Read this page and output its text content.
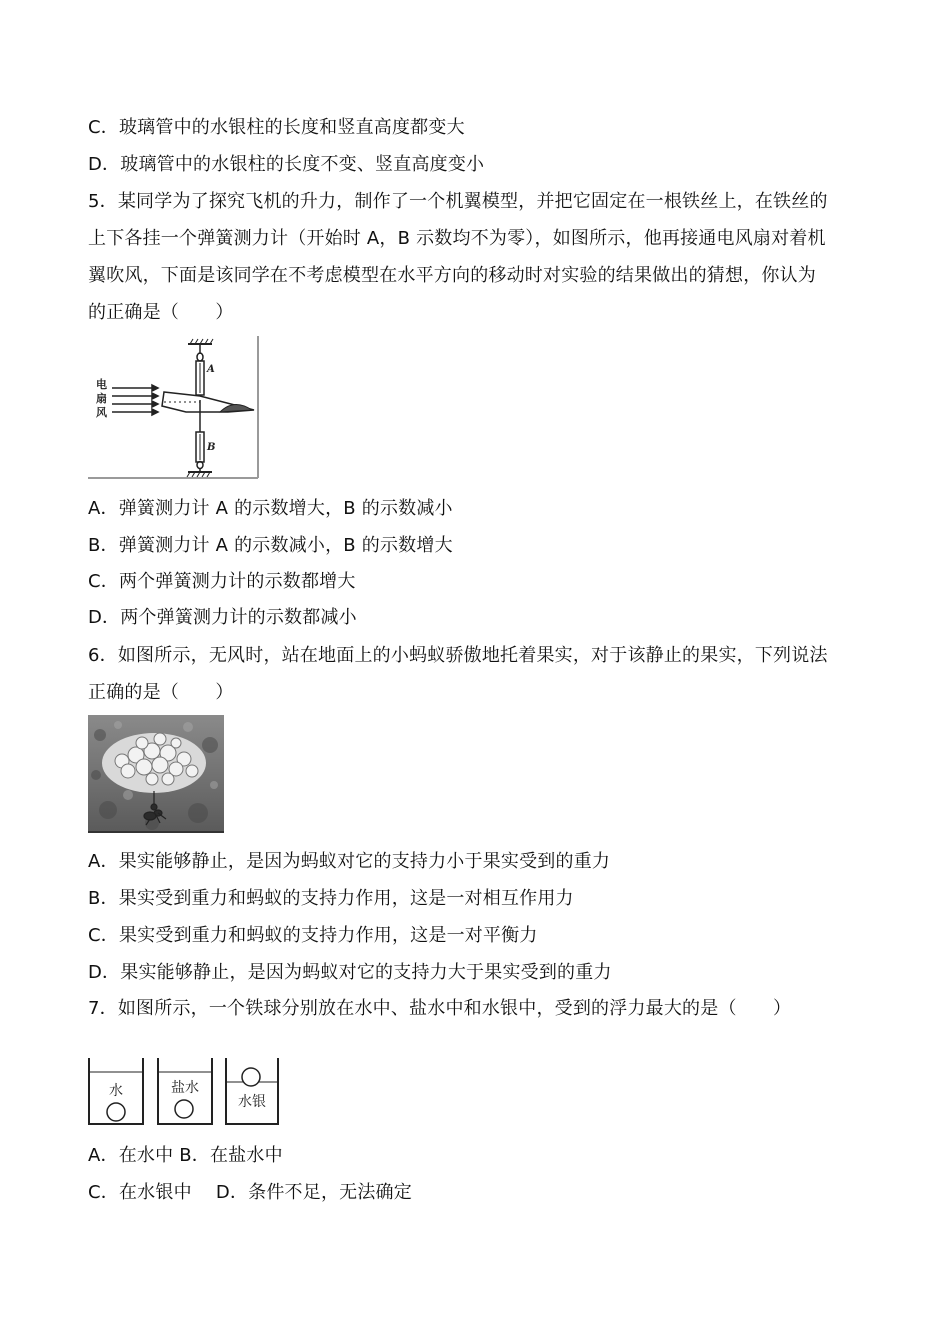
C．玻璃管中的水银柱的长度和竖直高度都变大
D．玻璃管中的水银柱的长度不变、竖直高度变小
5．某同学为了探究飞机的升力，制作了一个机翼模型，并把它固定在一根铁丝上，在铁丝的
上下各挂一个弹簧测力计（开始时 A，B 示数均不为零），如图所示，他再接通电风扇对着机
翼吹风，下面是该同学在不考虑模型在水平方向的移动时对实验的结果做出的猜想，你认为
的正确是（　　）
A
电
扇
风
B
A．弹簧测力计 A 的示数增大，B 的示数减小
B．弹簧测力计 A 的示数减小，B 的示数增大
C．两个弹簧测力计的示数都增大
D．两个弹簧测力计的示数都减小
6．如图所示，无风时，站在地面上的小蚂蚁骄傲地托着果实，对于该静止的果实，下列说法
正确的是（　　）
A．果实能够静止，是因为蚂蚁对它的支持力小于果实受到的重力
B．果实受到重力和蚂蚁的支持力作用，这是一对相互作用力
C．果实受到重力和蚂蚁的支持力作用，这是一对平衡力
D．果实能够静止，是因为蚂蚁对它的支持力大于果实受到的重力
7．如图所示，一个铁球分别放在水中、盐水中和水银中，受到的浮力最大的是（　　）
水	盐水
水银
A．在水中 B．在盐水中
C．在水银中　 D．条件不足，无法确定
